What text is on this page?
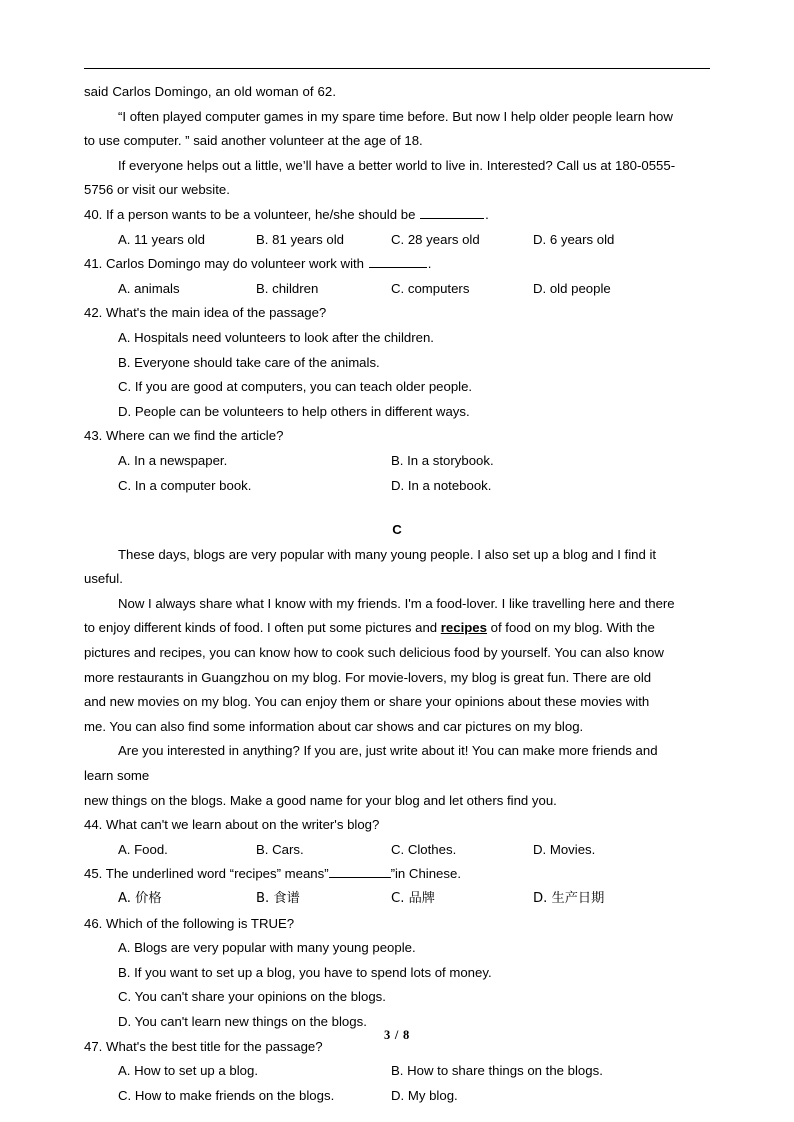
said Carlos Domingo, an old woman of 62.

“I often played computer games in my spare time before. But now I help older people learn how

to use computer. ” said another volunteer at the age of 18.

If everyone helps out a little, we’ll have a better world to live in. Interested? Call us at 180-0555-

5756 or visit our website.

40. If a person wants to be a volunteer, he/she should be	.

A. 11 years old	B. 81 years old	C. 28 years old	D. 6 years old

41. Carlos Domingo may do volunteer work with	.

A. animals	B. children	C. computers	D. old people

42. What's the main idea of the passage?

A. Hospitals need volunteers to look after the children.
B. Everyone should take care of the animals.
C. If you are good at computers, you can teach older people.
D. People can be volunteers to help others in different ways.

43. Where can we find the article?

A. In a newspaper.	B. In a storybook.
C. In a computer book.	D. In a notebook.

C

These days, blogs are very popular with many young people. I also set up a blog and I find it

useful.

Now I always share what I know with my friends. I'm a food-lover. I like travelling here and there

to enjoy different kinds of food. I often put some pictures and recipes of food on my blog. With the

pictures and recipes, you can know how to cook such delicious food by yourself. You can also know

more restaurants in Guangzhou on my blog. For movie-lovers, my blog is great fun. There are old

and new movies on my blog. You can enjoy them or share your opinions about these movies with

me. You can also find some information about car shows and car pictures on my blog.

Are you interested in anything? If you are, just write about it! You can make more friends and

learn some

new things on the blogs. Make a good name for your blog and let others find you.

44. What can't we learn about on the writer's blog?

A. Food.	B. Cars.	C. Clothes.	D. Movies.

45. The underlined word “recipes” means”	”in Chinese.

A. 价格	B. 食谱	C. 品牌	D. 生产日期

46. Which of the following is TRUE?

A. Blogs are very popular with many young people.
B. If you want to set up a blog, you have to spend lots of money.
C. You can't share your opinions on the blogs.
D. You can't learn new things on the blogs.

47. What's the best title for the passage?

A. How to set up a blog.	B. How to share things on the blogs.
C. How to make friends on the blogs.	D. My blog.
3 / 8
